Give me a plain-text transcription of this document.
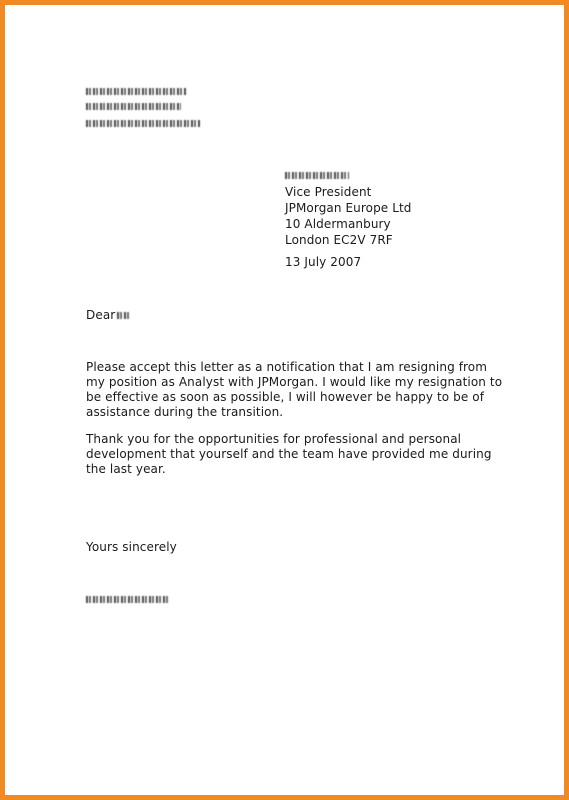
Vice President
JPMorgan Europe Ltd
10 Aldermanbury
London EC2V 7RF
13 July 2007
Dear
Please accept this letter as a notification that I am resigning from my position as Analyst with JPMorgan. I would like my resignation to be effective as soon as possible, I will however be happy to be of assistance during the transition.
Thank you for the opportunities for professional and personal development that yourself and the team have provided me during the last year.
Yours sincerely
